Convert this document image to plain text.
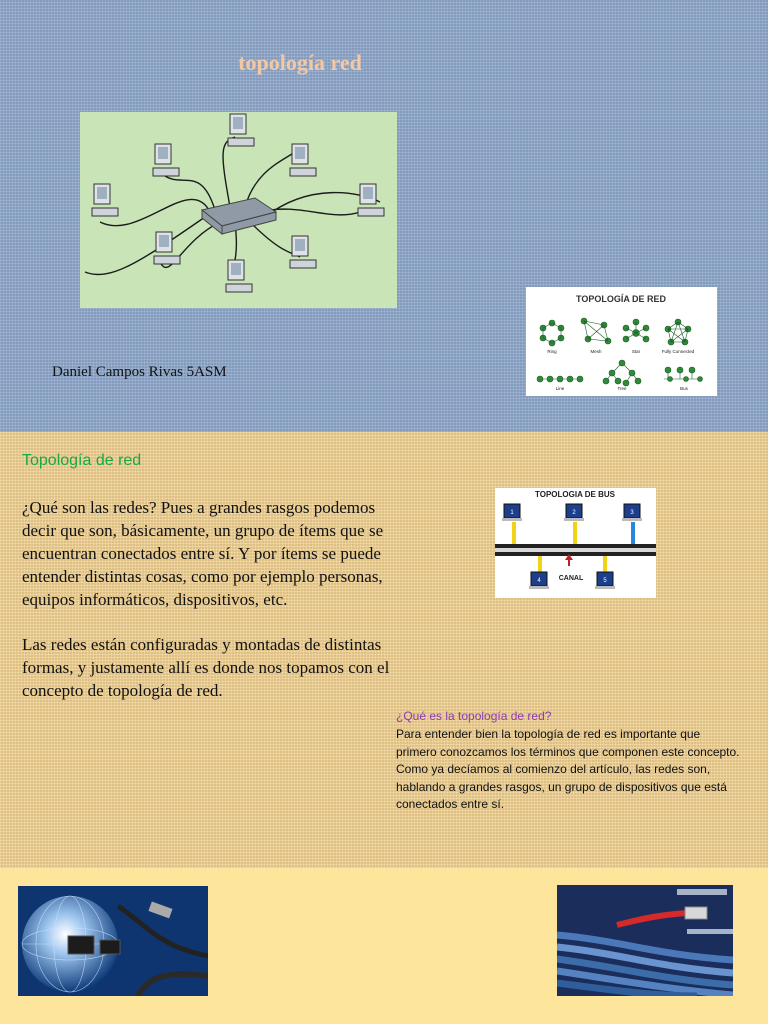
topología red
Daniel Campos Rivas 5ASM
TOPOLOGÍA DE RED
Ring	Mesh	Star	Fully Connected
Line	Tree	Bus
Topología de red

¿Qué son las redes? Pues a grandes rasgos podemos decir que son, básicamente, un grupo de ítems que se encuentran conectados entre sí. Y por ítems se puede entender distintas cosas, como por ejemplo personas, equipos informáticos, dispositivos, etc.

Las redes están configuradas y montadas de distintas formas, y justamente allí es donde nos topamos con el concepto de topología de red.

TOPOLOGIA DE BUS
CANAL
1	2	3
4	5
¿Qué es la topología de red?
Para entender bien la topología de red es importante que primero conozcamos los términos que componen este concepto. Como ya decíamos al comienzo del artículo, las redes son, hablando a grandes rasgos, un grupo de dispositivos que está conectados entre sí.
